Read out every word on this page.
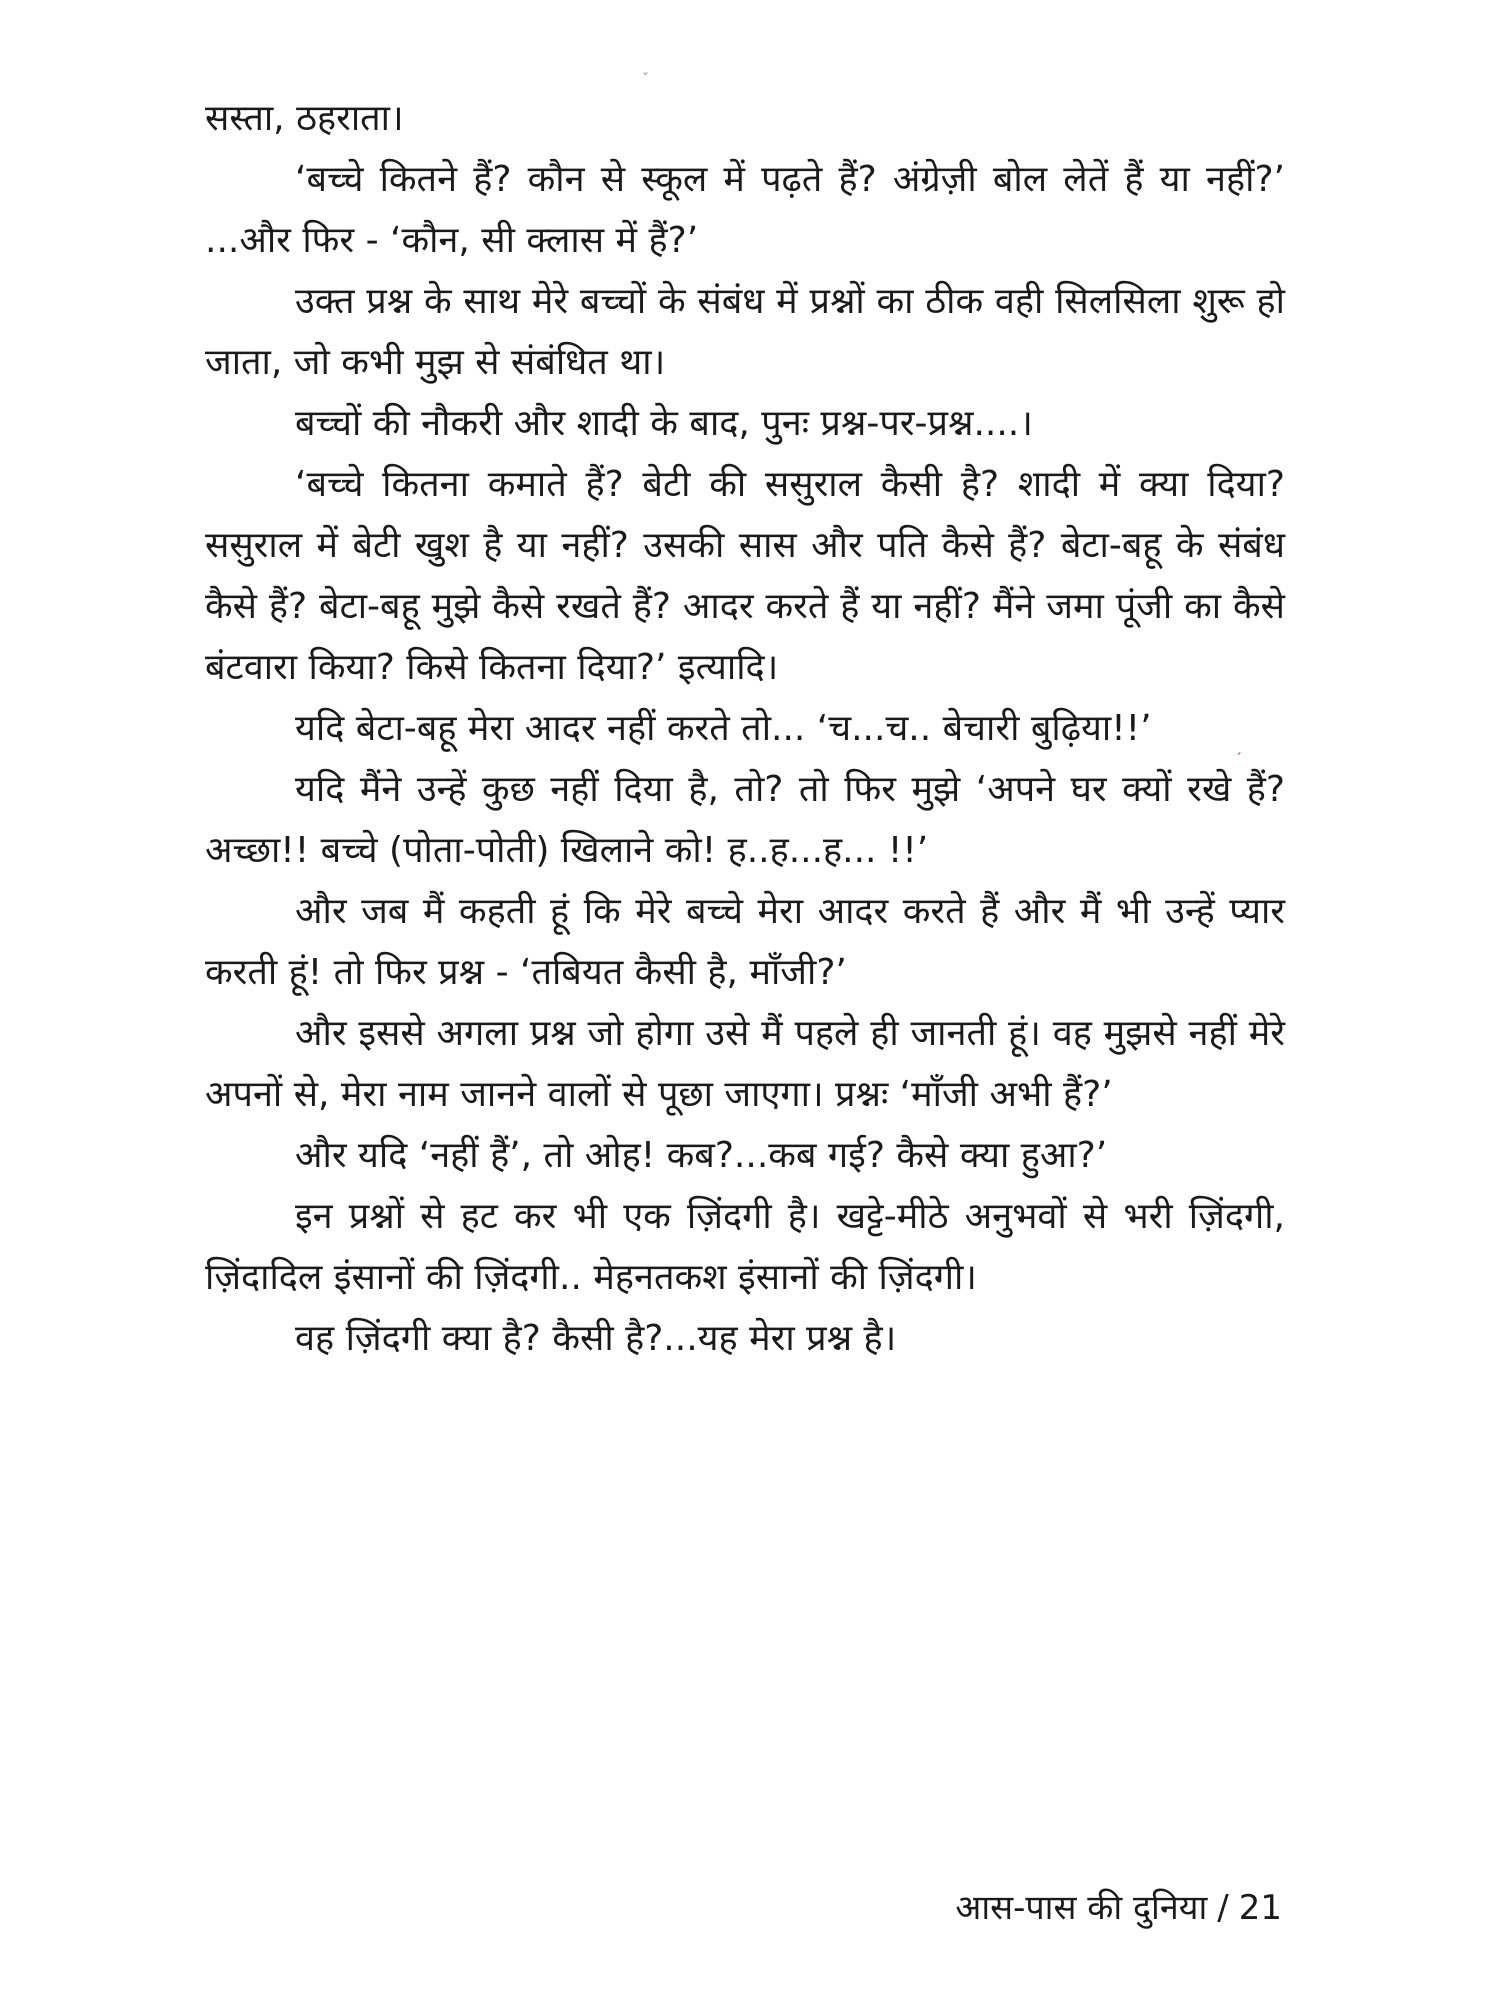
ˇ
ˊ

सस्ता, ठहराता।

‘बच्चे कितने हैं? कौन से स्कूल में पढ़ते हैं? अंग्रेज़ी बोल लेतें हैं या नहीं?’ ...और फिर - ‘कौन, सी क्लास में हैं?’

उक्त प्रश्न के साथ मेरे बच्चों के संबंध में प्रश्नों का ठीक वही सिलसिला शुरू हो जाता, जो कभी मुझ से संबंधित था।

बच्चों की नौकरी और शादी के बाद, पुनः प्रश्न-पर-प्रश्न....।

‘बच्चे कितना कमाते हैं? बेटी की ससुराल कैसी है? शादी में क्या दिया? ससुराल में बेटी खुश है या नहीं? उसकी सास और पति कैसे हैं? बेटा-बहू के संबंध कैसे हैं? बेटा-बहू मुझे कैसे रखते हैं? आदर करते हैं या नहीं? मैंने जमा पूंजी का कैसे बंटवारा किया? किसे कितना दिया?’ इत्यादि।

यदि बेटा-बहू मेरा आदर नहीं करते तो... ‘च...च.. बेचारी बुढ़िया!!’

यदि मैंने उन्हें कुछ नहीं दिया है, तो? तो फिर मुझे ‘अपने घर क्यों रखे हैं? अच्छा!! बच्चे (पोता-पोती) खिलाने को! ह..ह...ह... !!’

और जब मैं कहती हूं कि मेरे बच्चे मेरा आदर करते हैं और मैं भी उन्हें प्यार करती हूं! तो फिर प्रश्न - ‘तबियत कैसी है, माँजी?’

और इससे अगला प्रश्न जो होगा उसे मैं पहले ही जानती हूं। वह मुझसे नहीं मेरे अपनों से, मेरा नाम जानने वालों से पूछा जाएगा। प्रश्नः ‘माँजी अभी हैं?’

और यदि ‘नहीं हैं’, तो ओह! कब?...कब गई? कैसे क्या हुआ?’

इन प्रश्नों से हट कर भी एक ज़िंदगी है। खट्टे-मीठे अनुभवों से भरी ज़िंदगी, ज़िंदादिल इंसानों की ज़िंदगी.. मेहनतकश इंसानों की ज़िंदगी।

वह ज़िंदगी क्या है? कैसी है?...यह मेरा प्रश्न है।

आस-पास की दुनिया / 21
